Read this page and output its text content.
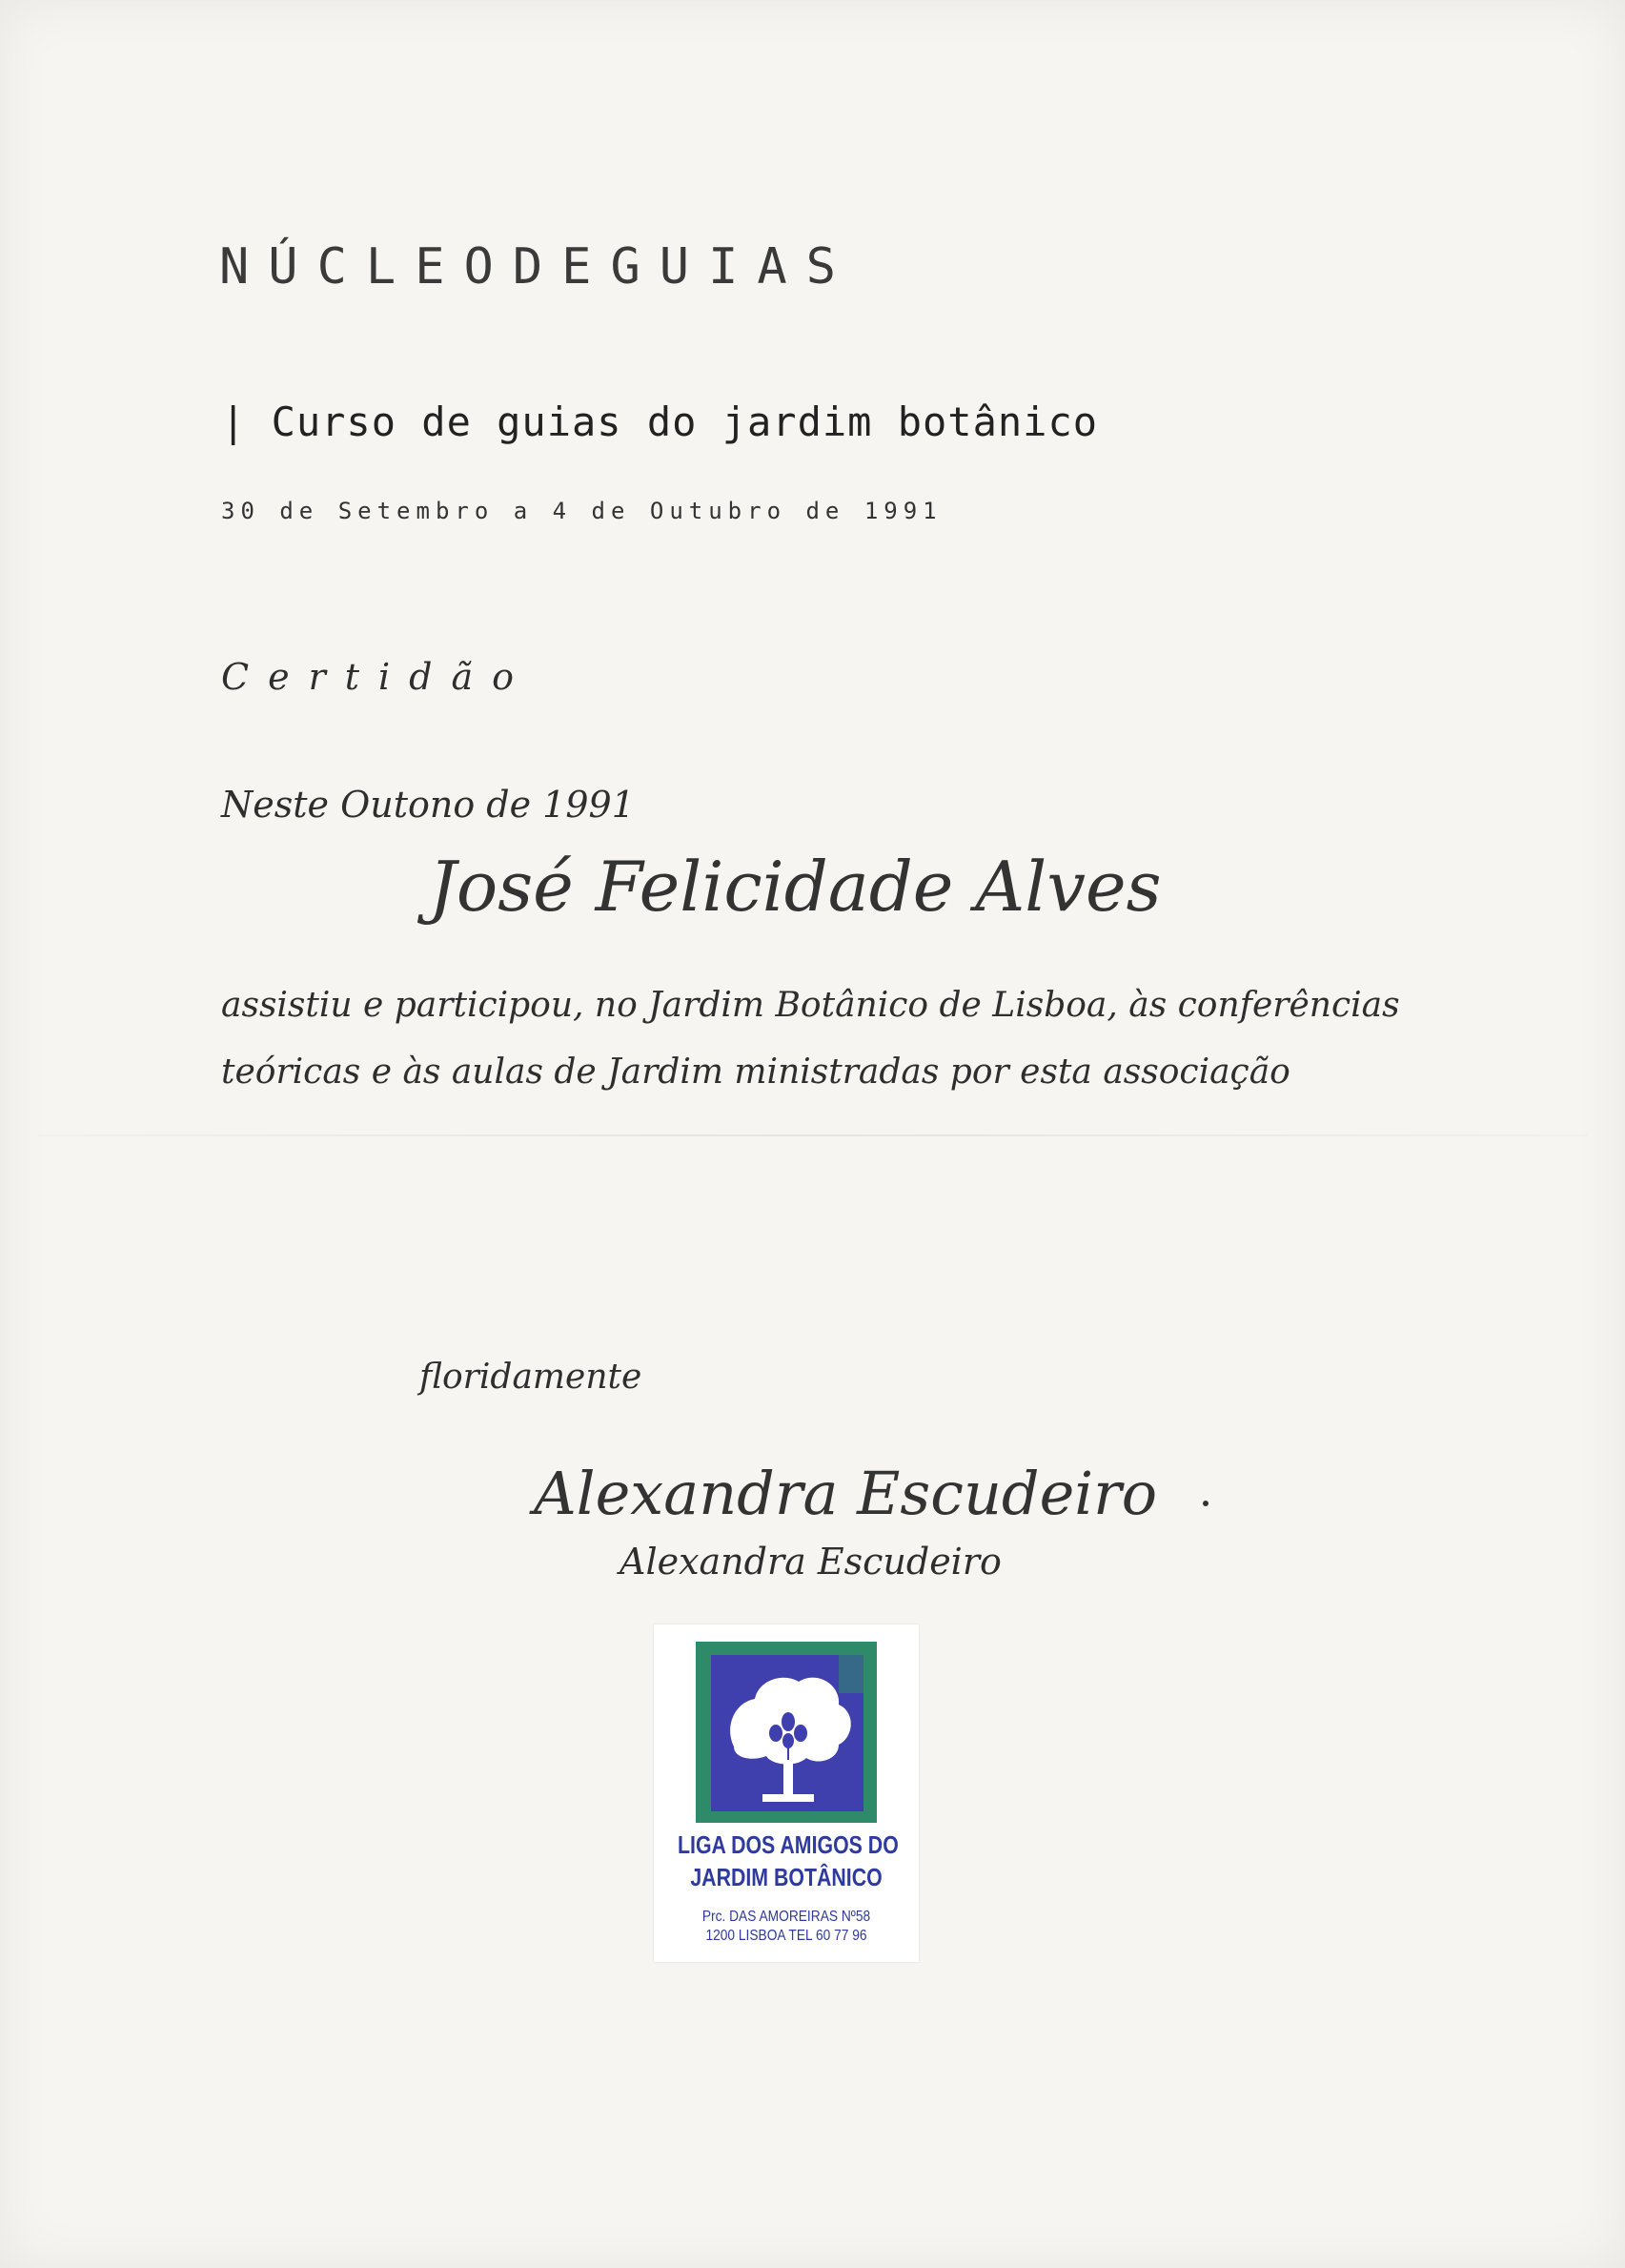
NÚCLEODEGUIAS
| Curso de guias do jardim botânico
30 de Setembro a 4 de Outubro de 1991
Certidão
Neste Outono de 1991
José Felicidade Alves
assistiu e participou, no Jardim Botânico de Lisboa, às conferências teóricas e às aulas de Jardim ministradas por esta associação
floridamente
Alexandra Escudeiro
Alexandra Escudeiro
LIGA DOS AMIGOS DO
JARDIM BOTÂNICO
Prc. DAS AMOREIRAS Nº58
1200 LISBOA TEL 60 77 96
